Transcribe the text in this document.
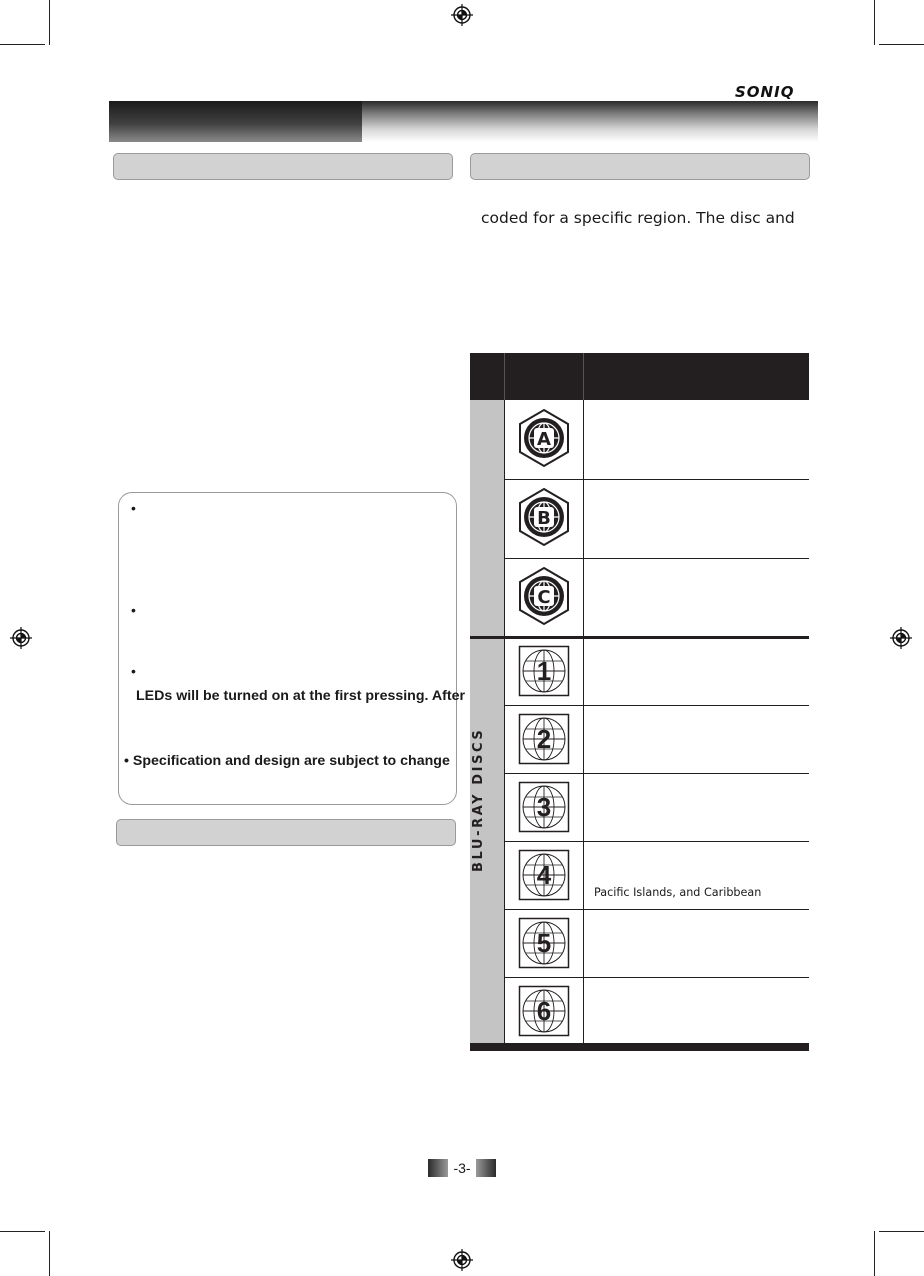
SONIQ
coded for a specific region. The disc and
•
•
•
LEDs will be turned on at the first pressing. After
• Specification and design are subject to change BLU-RAY DISCS
A
B
C
1
2
3
4
5
6
Pacific Islands, and Caribbean
-3-
